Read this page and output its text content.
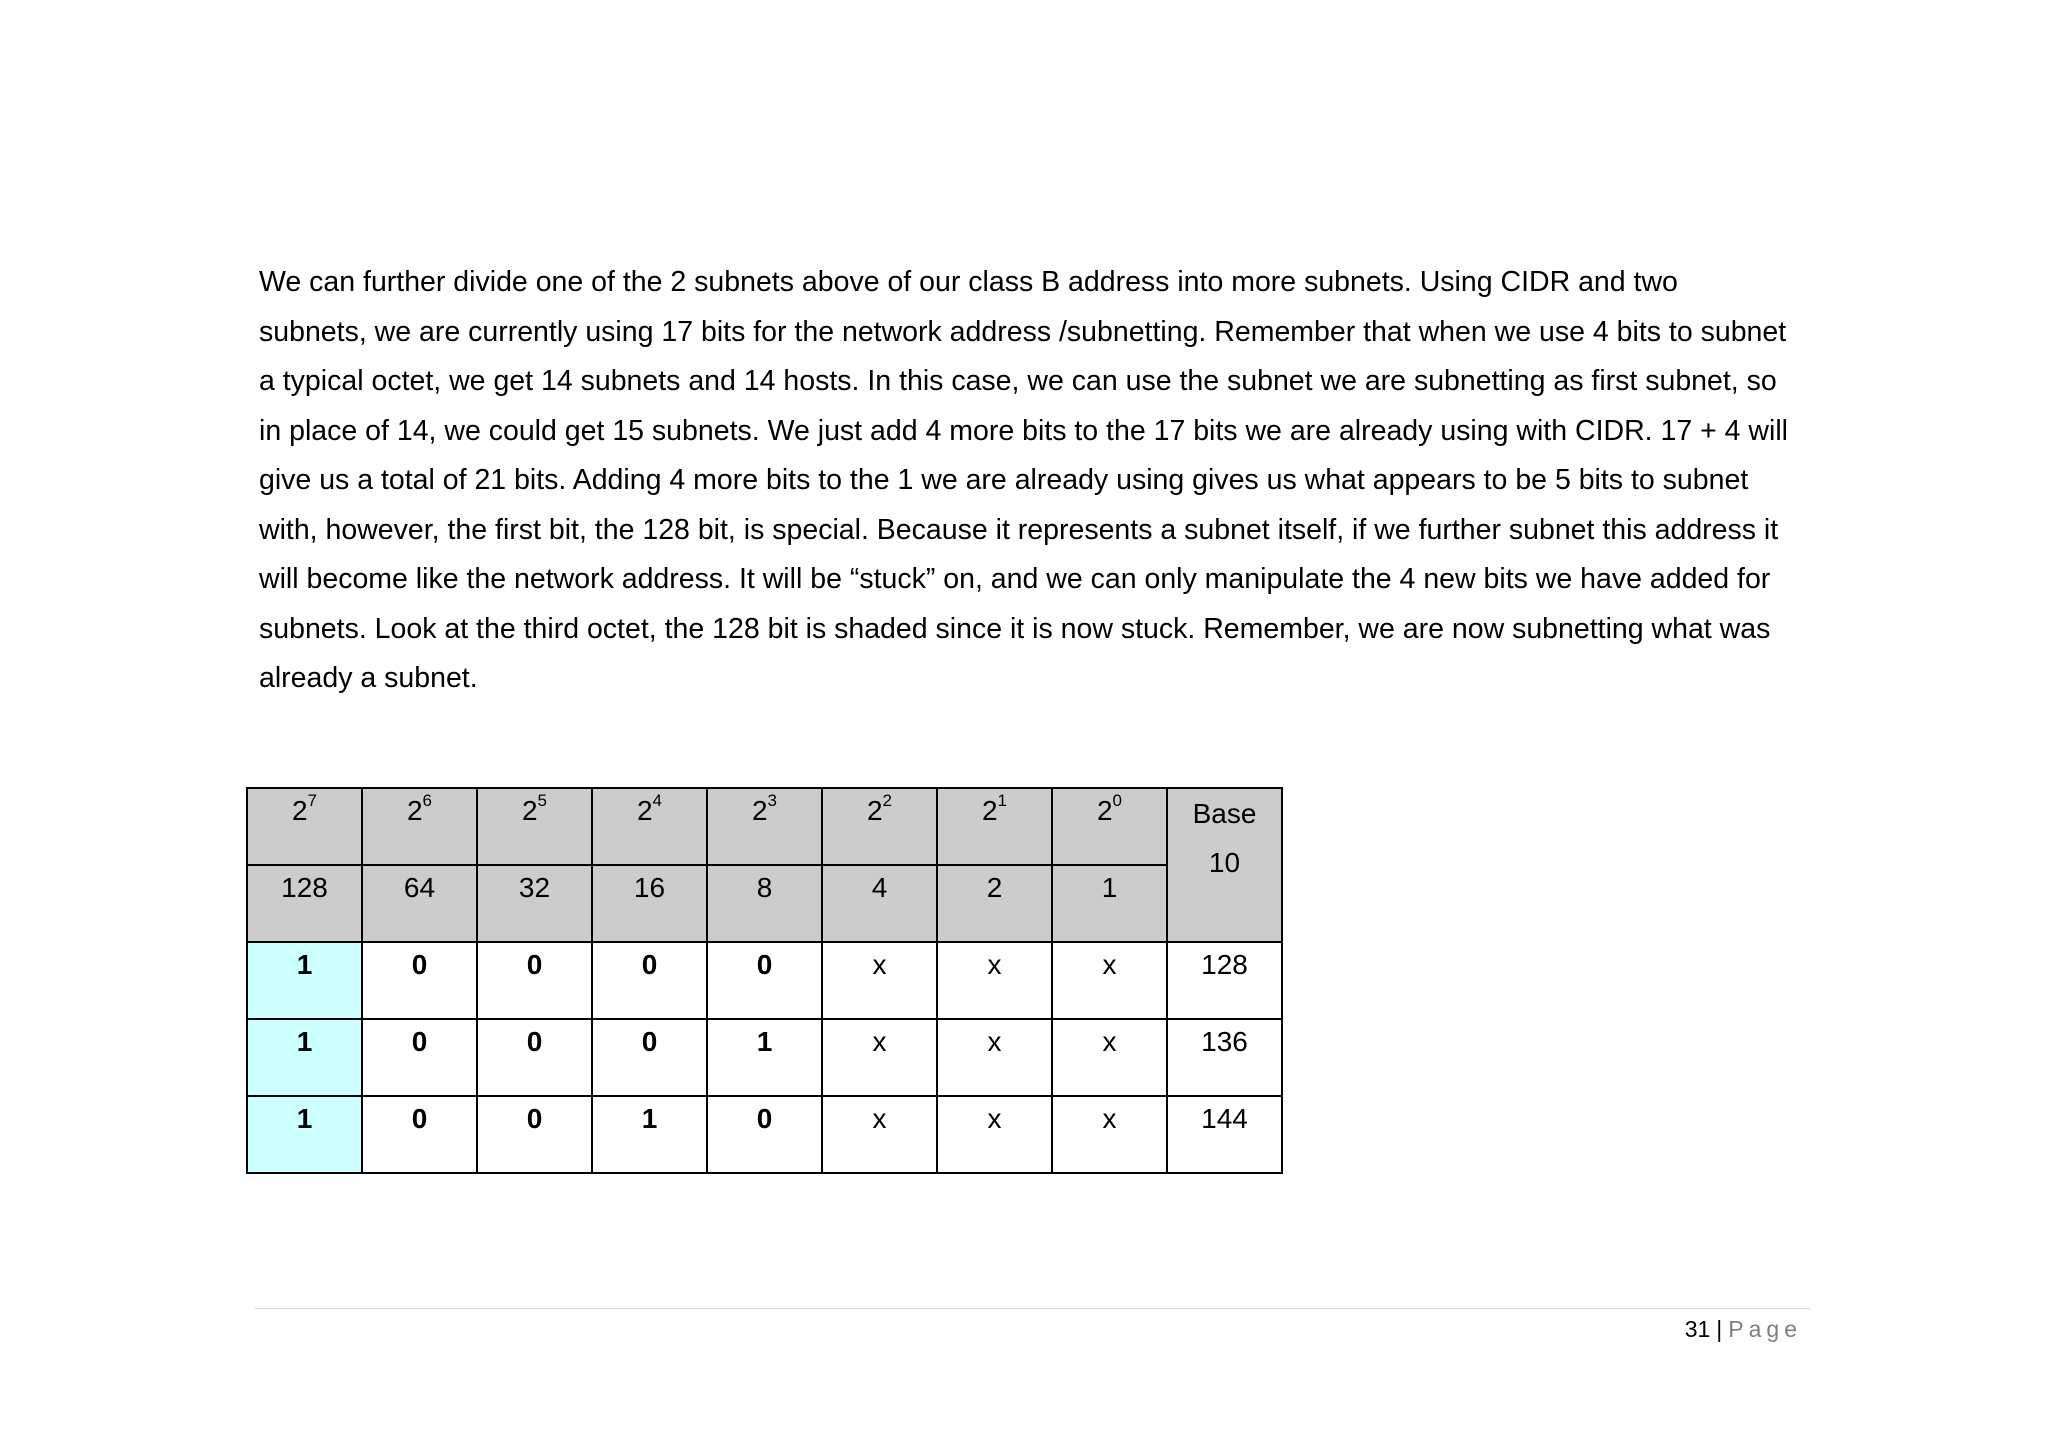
We can further divide one of the 2 subnets above of our class B address into more subnets. Using CIDR and two
subnets, we are currently using 17 bits for the network address /subnetting. Remember that when we use 4 bits to subnet
a typical octet, we get 14 subnets and 14 hosts. In this case, we can use the subnet we are subnetting as first subnet, so
in place of 14, we could get 15 subnets. We just add 4 more bits to the 17 bits we are already using with CIDR. 17 + 4 will
give us a total of 21 bits. Adding 4 more bits to the 1 we are already using gives us what appears to be 5 bits to subnet
with, however, the first bit, the 128 bit, is special. Because it represents a subnet itself, if we further subnet this address it
will become like the network address. It will be “stuck” on, and we can only manipulate the 4 new bits we have added for
subnets. Look at the third octet, the 128 bit is shaded since it is now stuck. Remember, we are now subnetting what was
already a subnet.
$2^7$	$2^6$	$2^5$	$2^4$	$2^3$	$2^2$	$2^1$	$2^0$	Base
10
128	64	32	16	8	4	2	1	
1	0	0	0	0	x	x	x	128
1	0	0	0	1	x	x	x	136
1	0	0	1	0	x	x	x	144
31 | Page
